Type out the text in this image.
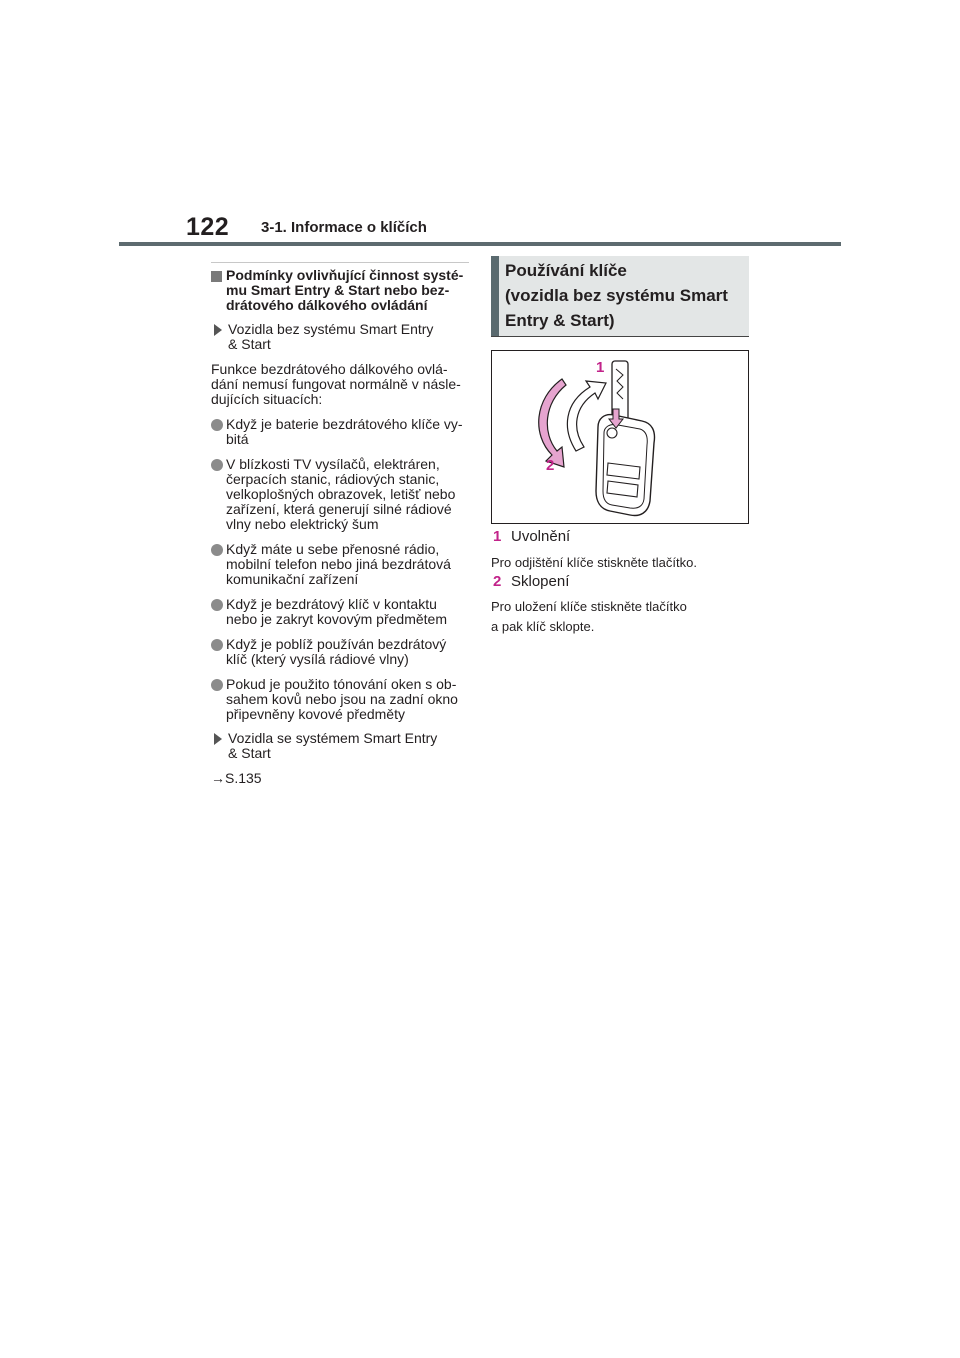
122 3-1. Informace o klíčích
Podmínky ovlivňující činnost systé-
mu Smart Entry & Start nebo bez-
drátového dálkového ovládání
Vozidla bez systému Smart Entry
& Start
Funkce bezdrátového dálkového ovlá-
dání nemusí fungovat normálně v násle-
dujících situacích:
Když je baterie bezdrátového klíče vy-
bitá
V blízkosti TV vysílačů, elektráren,
čerpacích stanic, rádiových stanic,
velkoplošných obrazovek, letišť nebo
zařízení, která generují silné rádiové
vlny nebo elektrický šum
Když máte u sebe přenosné rádio,
mobilní telefon nebo jiná bezdrátová
komunikační zařízení
Když je bezdrátový klíč v kontaktu
nebo je zakryt kovovým předmětem
Když je poblíž používán bezdrátový
klíč (který vysílá rádiové vlny)
Pokud je použito tónování oken s ob-
sahem kovů nebo jsou na zadní okno
připevněny kovové předměty
Vozidla se systémem Smart Entry
& Start
→S.135
Používání klíče
(vozidla bez systému Smart
Entry & Start)
1
2
1 Uvolnění
Pro odjištění klíče stiskněte tlačítko.
2 Sklopení
Pro uložení klíče stiskněte tlačítko
a pak klíč sklopte.
